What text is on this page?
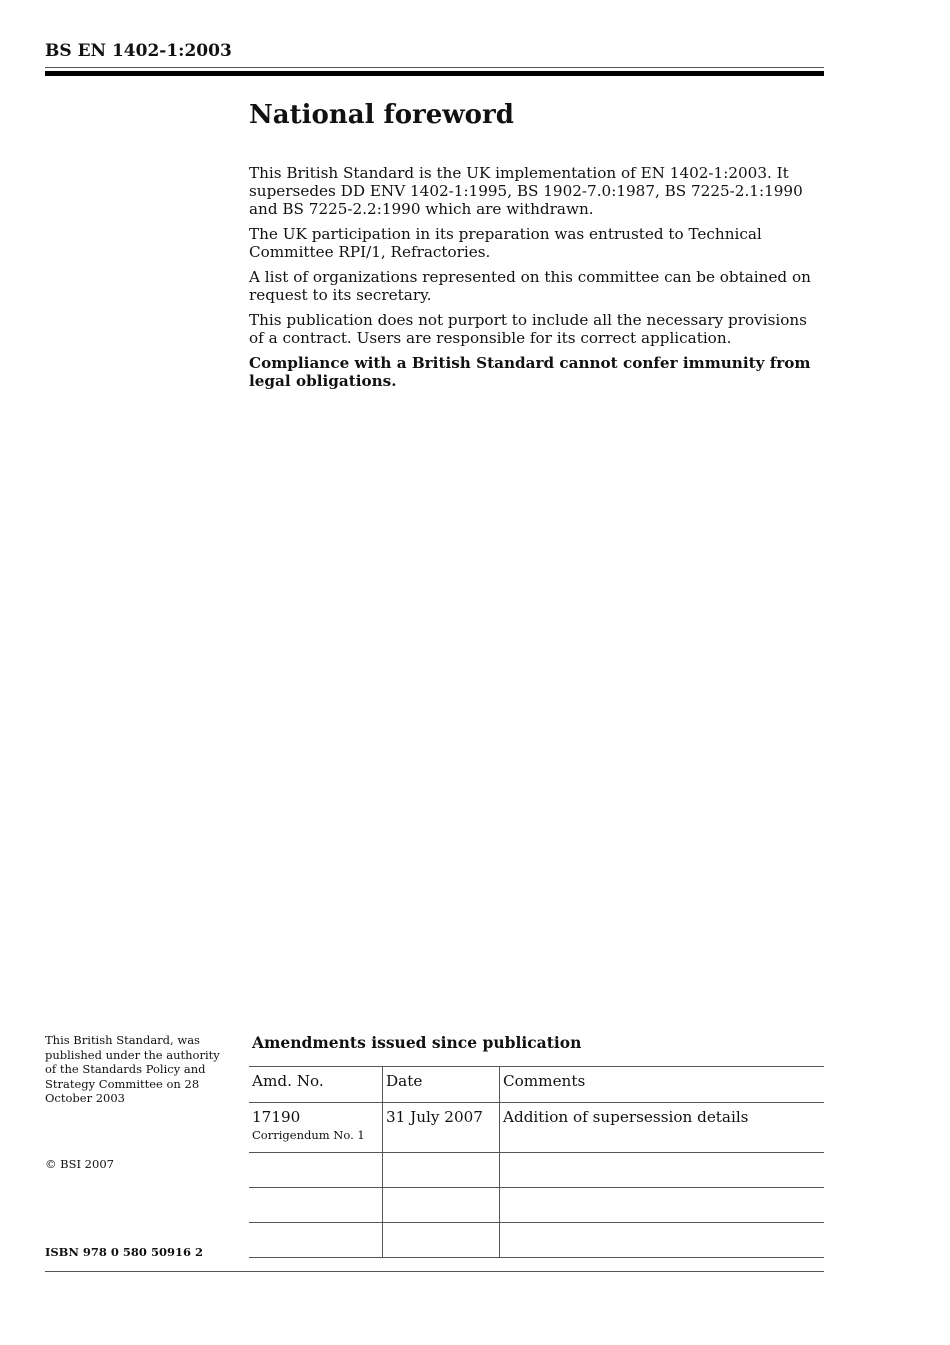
BS EN 1402-1:2003
National foreword

This British Standard is the UK implementation of EN 1402-1:2003. It supersedes DD ENV 1402-1:1995, BS 1902-7.0:1987, BS 7225-2.1:1990 and BS 7225-2.2:1990 which are withdrawn.

The UK participation in its preparation was entrusted to Technical Committee RPI/1, Refractories.

A list of organizations represented on this committee can be obtained on request to its secretary.

This publication does not purport to include all the necessary provisions of a contract. Users are responsible for its correct application.

Compliance with a British Standard cannot confer immunity from legal obligations.

This British Standard, was published under the authority of the Standards Policy and Strategy Committee on 28 October 2003
© BSI 2007
ISBN 978 0 580 50916 2
Amendments issued since publication
Amd. No.	Date	Comments
17190
Corrigendum No. 1	31 July 2007	Addition of supersession details
